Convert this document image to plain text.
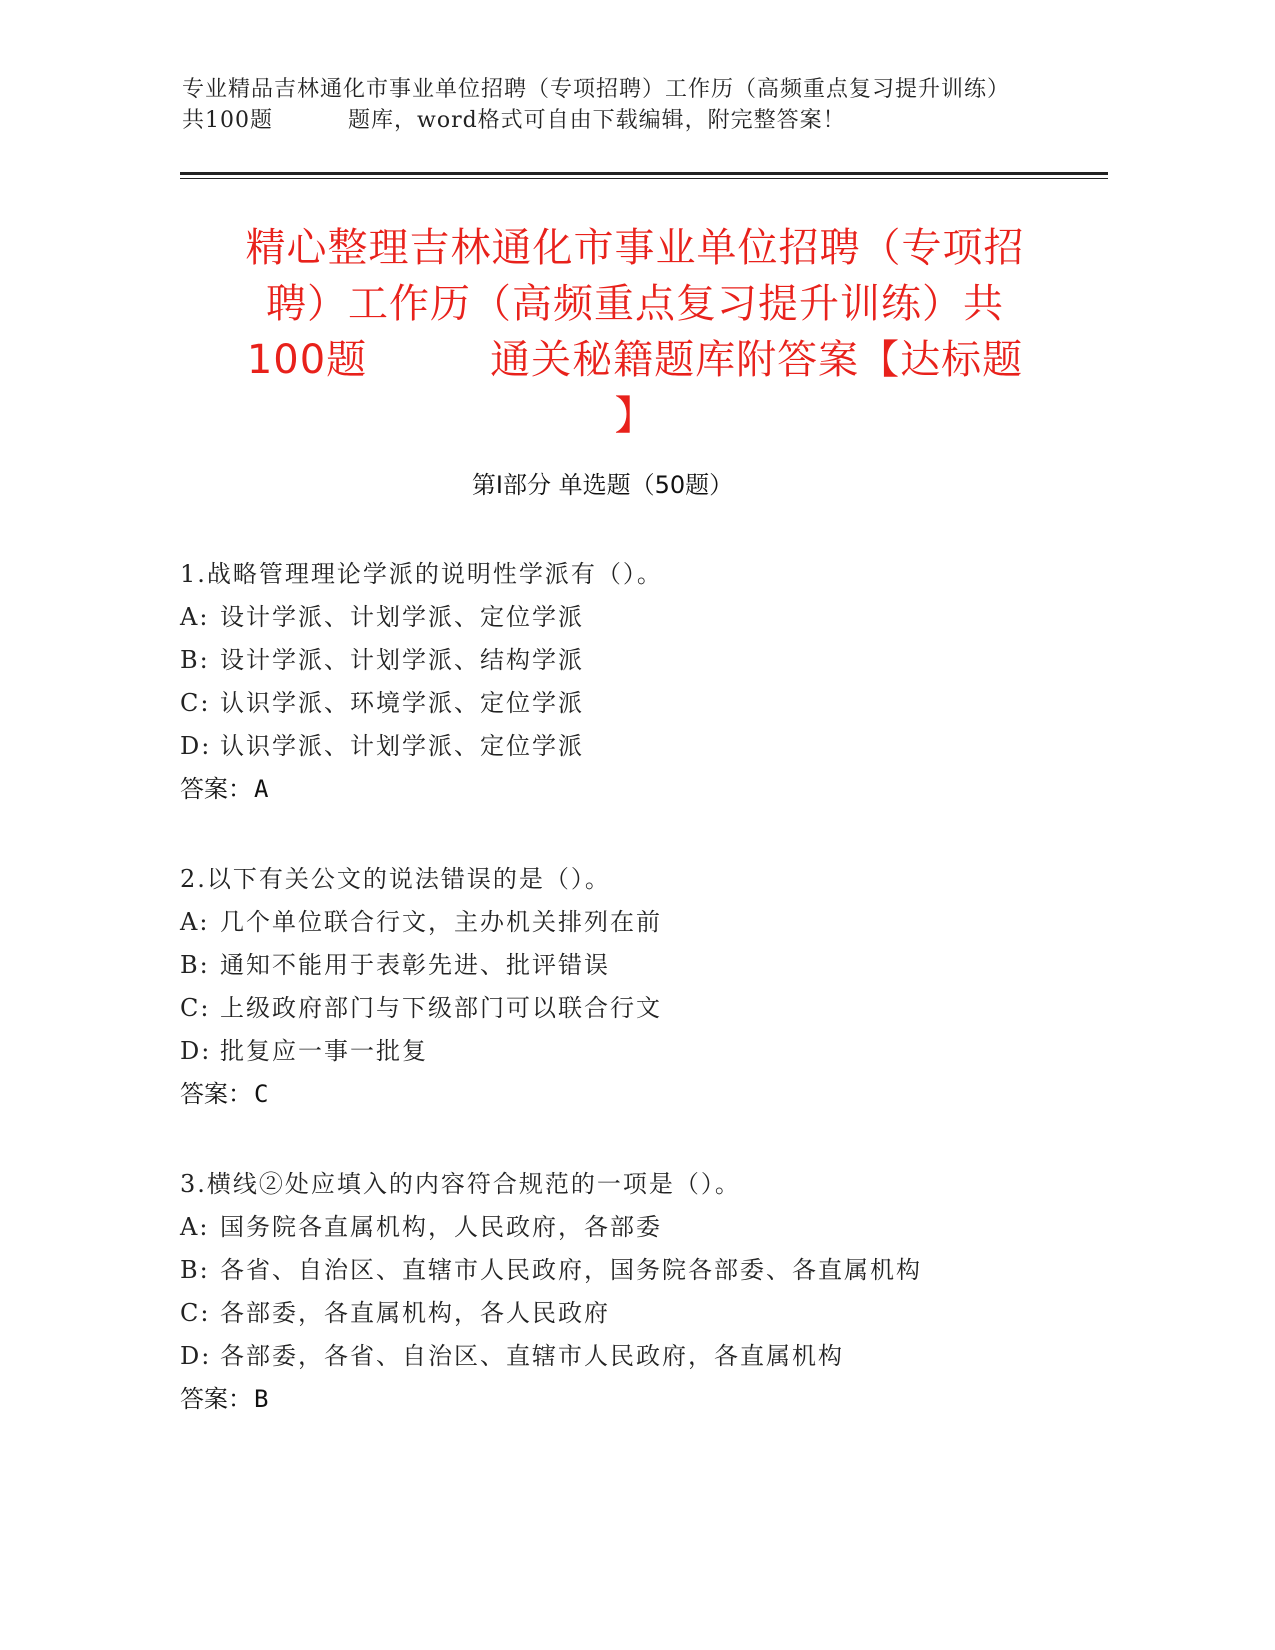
专业精品吉林通化市事业单位招聘（专项招聘）工作历（高频重点复习提升训练）
共100题	题库，word格式可自由下载编辑，附完整答案！
精心整理吉林通化市事业单位招聘（专项招
聘）工作历（高频重点复习提升训练）共
100题　　　通关秘籍题库附答案【达标题
】
第Ⅰ部分 单选题（50题）
1.战略管理理论学派的说明性学派有（）。
A: 设计学派、计划学派、定位学派
B: 设计学派、计划学派、结构学派
C: 认识学派、环境学派、定位学派
D: 认识学派、计划学派、定位学派
答案：A
2.以下有关公文的说法错误的是（）。
A: 几个单位联合行文，主办机关排列在前
B: 通知不能用于表彰先进、批评错误
C: 上级政府部门与下级部门可以联合行文
D: 批复应一事一批复
答案：C
3.横线②处应填入的内容符合规范的一项是（）。
A: 国务院各直属机构，人民政府，各部委
B: 各省、自治区、直辖市人民政府，国务院各部委、各直属机构
C: 各部委，各直属机构，各人民政府
D: 各部委，各省、自治区、直辖市人民政府，各直属机构
答案：B
